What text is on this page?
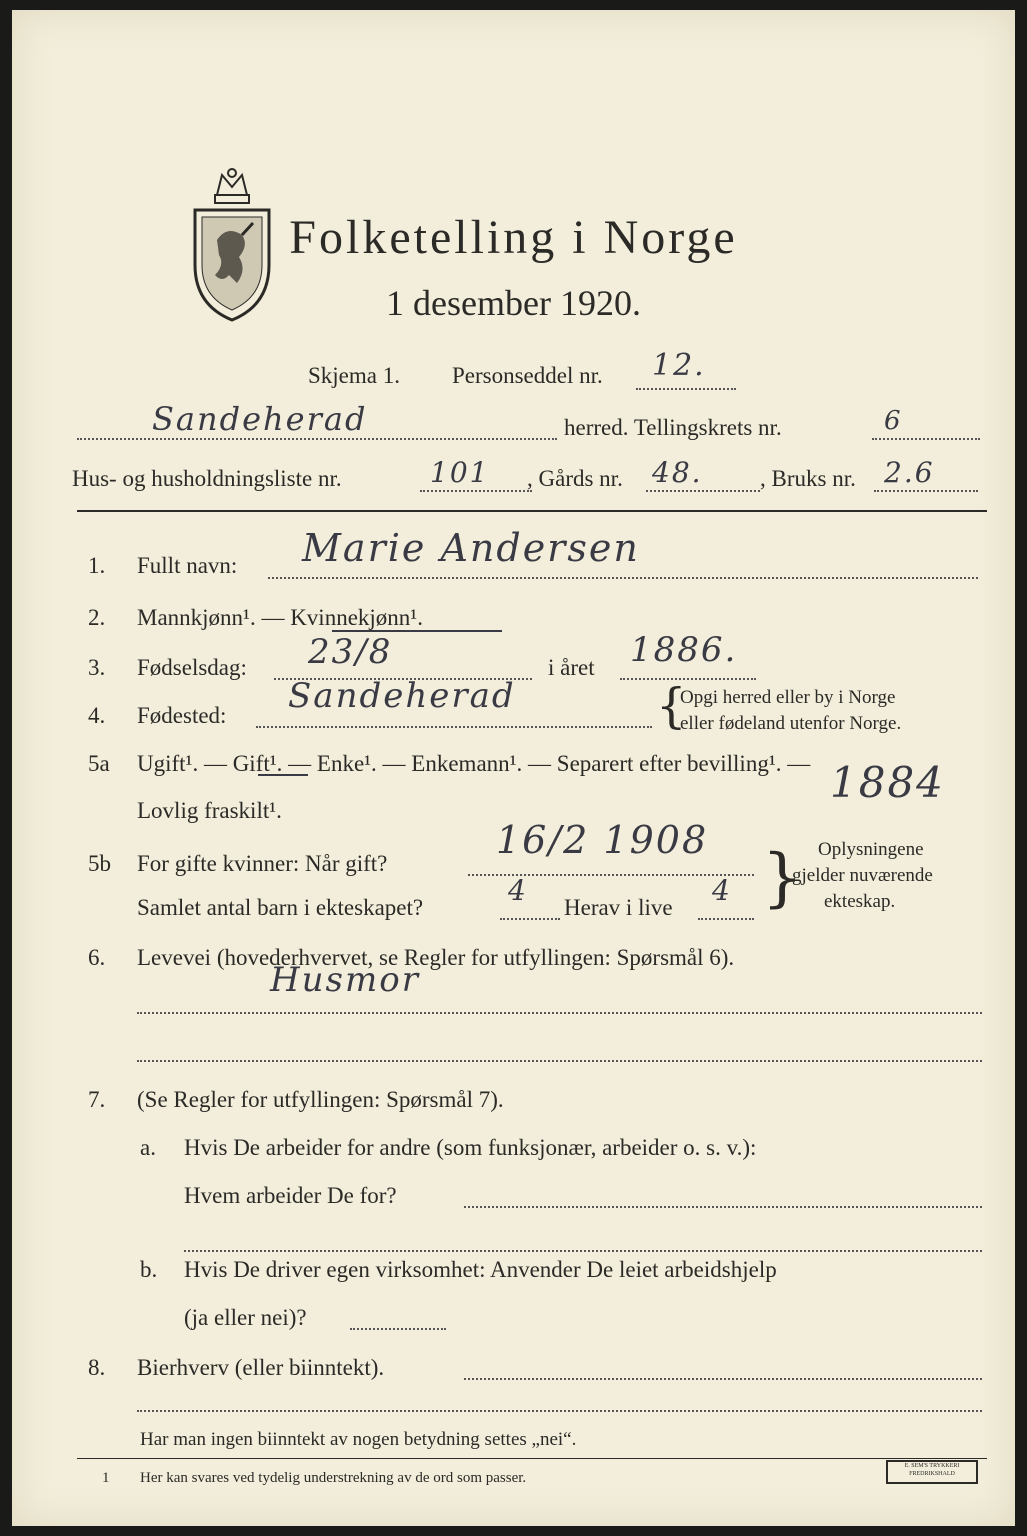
Folketelling i Norge
1 desember 1920.
Skjema 1. Personseddel nr. 12.
Sandeherad	herred. Tellingskrets nr.	6
Hus- og husholdningsliste nr.	101 , Gårds nr. 48. , Bruks nr. 2.6
1. Fullt navn: Marie Andersen
2. Mannkjønn¹. — Kvinnekjønn¹.
3. Fødselsdag: 23/8	i året 1886.
4. Fødested: Sandeherad	{
Opgi herred eller by i Norge
eller fødeland utenfor Norge.
5a Ugift¹. — Gift¹. — Enke¹. — Enkemann¹. — Separert efter bevilling¹. —
Lovlig fraskilt¹.
1884
5b For gifte kvinner: Når gift?
16/2 1908
Samlet antal barn i ekteskapet?
4
Herav i live
4 } Oplysningene
gjelder nuværende
ekteskap.
6. Levevei (hovederhvervet, se Regler for utfyllingen: Spørsmål 6).
Husmor
7. (Se Regler for utfyllingen: Spørsmål 7).
a. Hvis De arbeider for andre (som funksjonær, arbeider o. s. v.):
Hvem arbeider De for?
b. Hvis De driver egen virksomhet: Anvender De leiet arbeidshjelp
(ja eller nei)?
8. Bierhverv (eller biinntekt).
Har man ingen biinntekt av nogen betydning settes „nei“.
1 Her kan svares ved tydelig understrekning av de ord som passer.
E. SEM'S TRYKKERI FREDRIKSHALD
